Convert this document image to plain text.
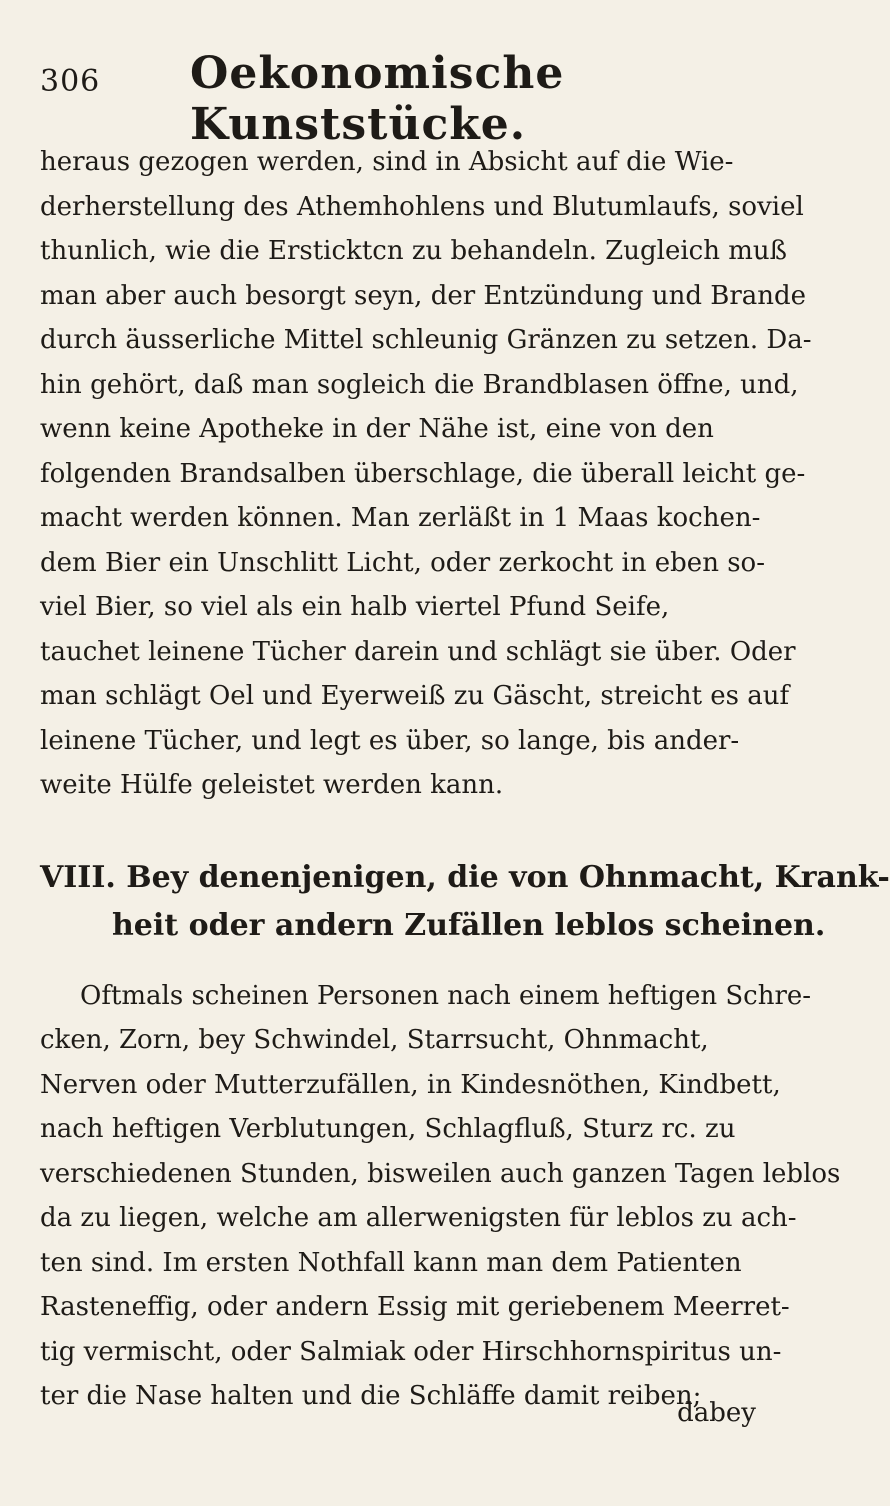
306 Oekonomische Kunststücke.

heraus gezogen werden, sind in Absicht auf die Wie-
derherstellung des Athemhohlens und Blutumlaufs, soviel
thunlich, wie die Ersticktcn zu behandeln. Zugleich muß
man aber auch besorgt seyn, der Entzündung und Brande
durch äusserliche Mittel schleunig Gränzen zu setzen. Da-
hin gehört, daß man sogleich die Brandblasen öffne, und,
wenn keine Apotheke in der Nähe ist, eine von den
folgenden Brandsalben überschlage, die überall leicht ge-
macht werden können. Man zerläßt in 1 Maas kochen-
dem Bier ein Unschlitt Licht, oder zerkocht in eben so-
viel Bier, so viel als ein halb viertel Pfund Seife,
tauchet leinene Tücher darein und schlägt sie über. Oder
man schlägt Oel und Eyerweiß zu Gäscht, streicht es auf
leinene Tücher, und legt es über, so lange, bis ander-
weite Hülfe geleistet werden kann.

VIII. Bey denenjenigen, die von Ohnmacht, Krank-
heit oder andern Zufällen leblos scheinen.

Oftmals scheinen Personen nach einem heftigen Schre-
cken, Zorn, bey Schwindel, Starrsucht, Ohnmacht,
Nerven oder Mutterzufällen, in Kindesnöthen, Kindbett,
nach heftigen Verblutungen, Schlagfluß, Sturz rc. zu
verschiedenen Stunden, bisweilen auch ganzen Tagen leblos
da zu liegen, welche am allerwenigsten für leblos zu ach-
ten sind. Im ersten Nothfall kann man dem Patienten
Rasteneffig, oder andern Essig mit geriebenem Meerret-
tig vermischt, oder Salmiak oder Hirschhornspiritus un-
ter die Nase halten und die Schläffe damit reiben;

dabey
